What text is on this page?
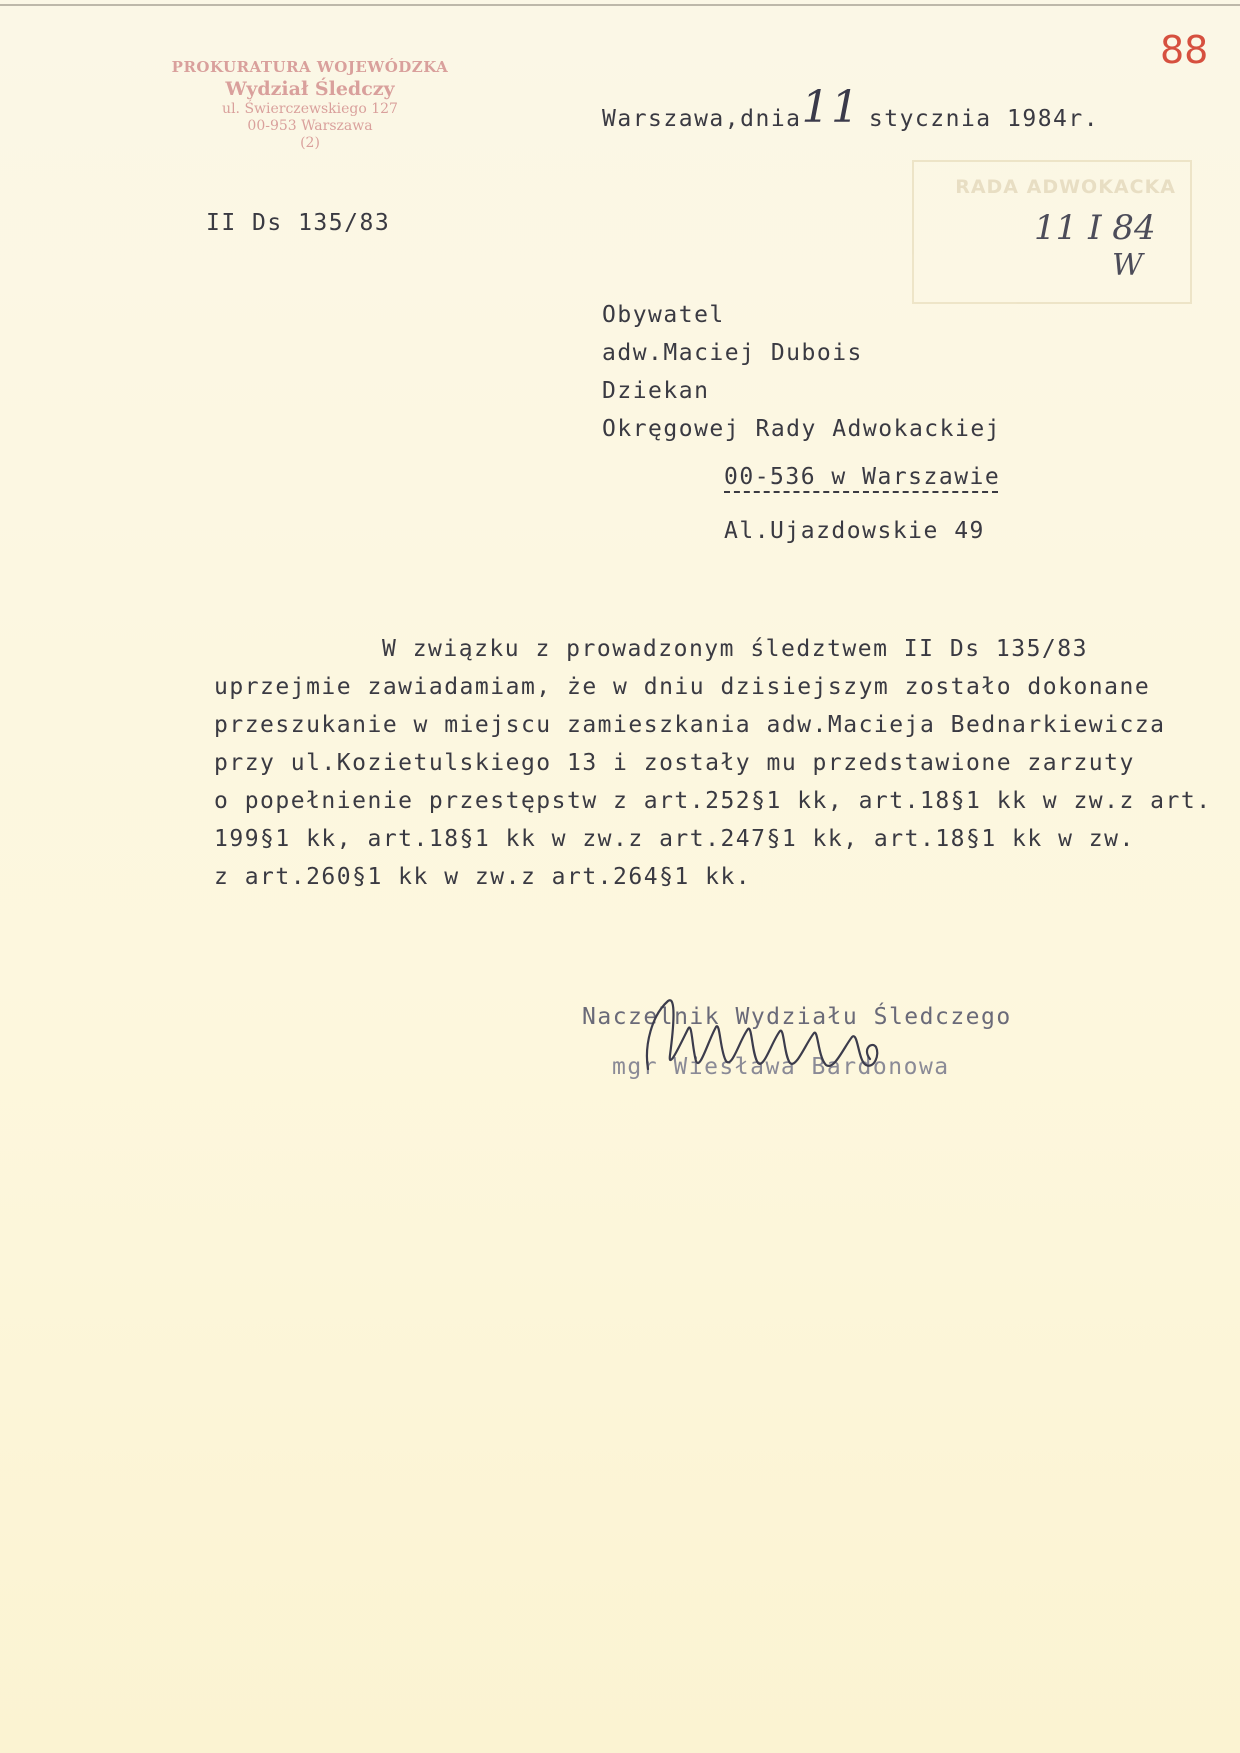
PROKURATURA WOJEWÓDZKA
Wydział Śledczy
ul. Świerczewskiego 127
00-953 Warszawa
(2)
88
Warszawa,dnia11 stycznia 1984r.
II Ds 135/83
RADA ADWOKACKA
11 I 84
W
Obywatel
adw.Maciej Dubois
Dziekan
Okręgowej Rady Adwokackiej
00-536 w Warszawie
Al.Ujazdowskie 49
W związku z prowadzonym śledztwem II Ds 135/83
uprzejmie zawiadamiam, że w dniu dzisiejszym zostało dokonane
przeszukanie w miejscu zamieszkania adw.Macieja Bednarkiewicza
przy ul.Kozietulskiego 13 i zostały mu przedstawione zarzuty
o popełnienie przestępstw z art.252§1 kk, art.18§1 kk w zw.z art.
199§1 kk, art.18§1 kk w zw.z art.247§1 kk, art.18§1 kk w zw.
z art.260§1 kk w zw.z art.264§1 kk.
Naczelnik Wydziału Śledczego
mgr Wiesława Bardonowa
